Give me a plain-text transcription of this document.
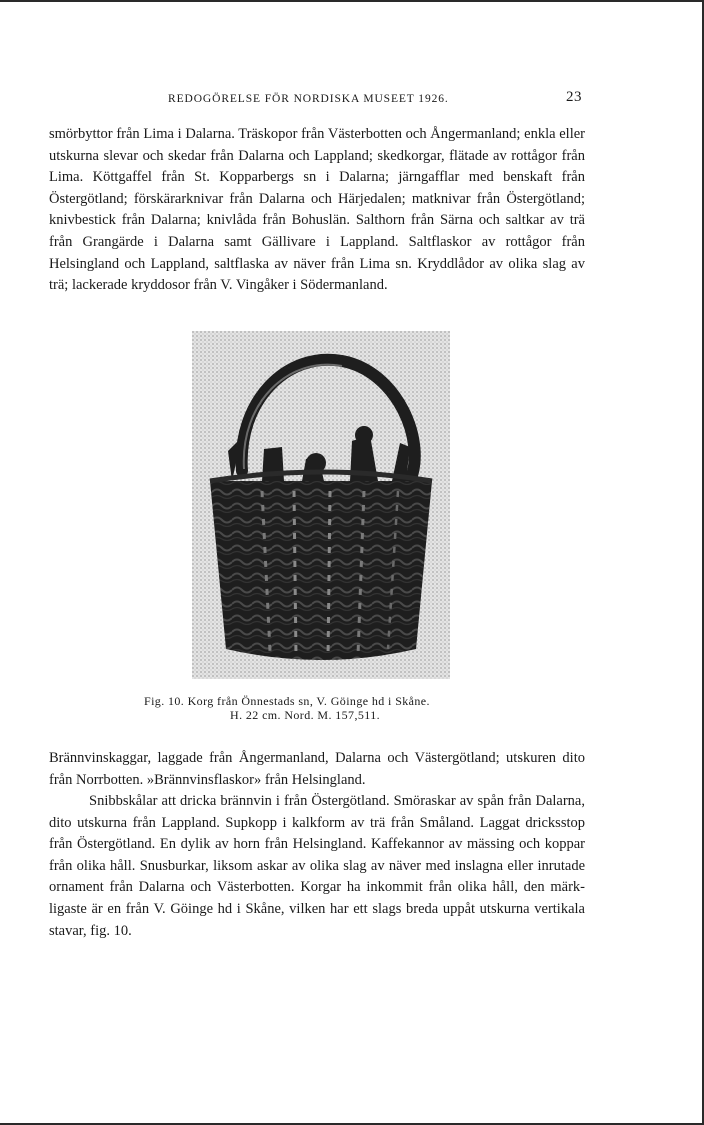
REDOGÖRELSE FÖR NORDISKA MUSEET 1926.	23

smörbyttor från Lima i Dalarna. Träskopor från Västerbotten och Ångermanland; enkla eller utskurna slevar och skedar från Dalarna och Lappland; skedkorgar, flätade av rottågor från Lima. Köttgaffel från St. Kopparbergs sn i Dalarna; järngafflar med benskaft från Östergötland; förskärarknivar från Dalarna och Härjedalen; matknivar från Östergötland; knivbestick från Dalarna; knivlåda från Bohuslän. Salthorn från Särna och saltkar av trä från Grangärde i Dalarna samt Gällivare i Lappland. Saltflaskor av rottågor från Helsingland och Lappland, saltflaska av näver från Lima sn. Kryddlådor av olika slag av trä; lackerade kryddosor från V. Vingåker i Södermanland.

Fig. 10. Korg från Önnestads sn, V. Göinge hd i Skåne.
H. 22 cm. Nord. M. 157,511.

Brännvinskaggar, laggade från Ångermanland, Dalarna och Västergötland; utskuren dito från Norrbotten. »Brännvinsflaskor» från Helsingland.

Snibbskålar att dricka brännvin i från Östergötland. Smöraskar av spån från Dalarna, dito utskurna från Lappland. Supkopp i kalkform av trä från Småland. Laggat dricksstop från Östergötland. En dylik av horn från Helsingland. Kaffekannor av mässing och koppar från olika håll. Snusburkar, liksom askar av olika slag av näver med inslagna eller inrutade ornament från Dalarna och Västerbotten. Korgar ha inkommit från olika håll, den märkligaste är en från V. Göinge hd i Skåne, vilken har ett slags breda uppåt utskurna vertikala stavar, fig. 10.
